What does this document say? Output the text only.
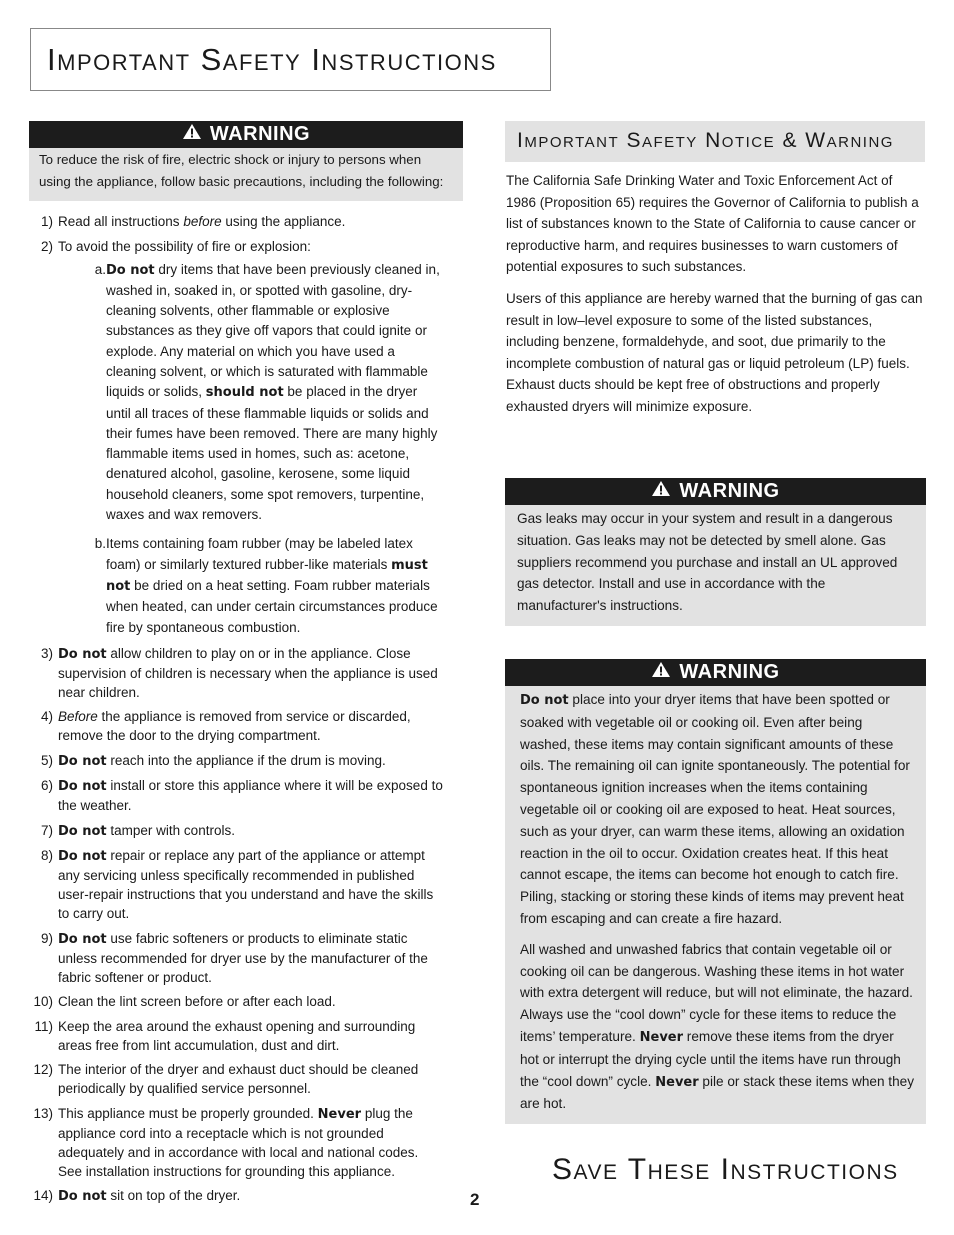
Important Safety Instructions
WARNING
To reduce the risk of fire, electric shock or injury to persons when using the appliance, follow basic precautions, including the following:
1) Read all instructions before using the appliance.
2) To avoid the possibility of fire or explosion:
a. Do not dry items that have been previously cleaned in, washed in, soaked in, or spotted with gasoline, dry-cleaning solvents, other flammable or explosive substances as they give off vapors that could ignite or explode. Any material on which you have used a cleaning solvent, or which is saturated with flammable liquids or solids, should not be placed in the dryer until all traces of these flammable liquids or solids and their fumes have been removed. There are many highly flammable items used in homes, such as: acetone, denatured alcohol, gasoline, kerosene, some liquid household cleaners, some spot removers, turpentine, waxes and wax removers.
b. Items containing foam rubber (may be labeled latex foam) or similarly textured rubber-like materials must not be dried on a heat setting. Foam rubber materials when heated, can under certain circumstances produce fire by spontaneous combustion.
3) Do not allow children to play on or in the appliance. Close supervision of children is necessary when the appliance is used near children.
4) Before the appliance is removed from service or discarded, remove the door to the drying compartment.
5) Do not reach into the appliance if the drum is moving.
6) Do not install or store this appliance where it will be exposed to the weather.
7) Do not tamper with controls.
8) Do not repair or replace any part of the appliance or attempt any servicing unless specifically recommended in published user-repair instructions that you understand and have the skills to carry out.
9) Do not use fabric softeners or products to eliminate static unless recommended for dryer use by the manufacturer of the fabric softener or product.
10) Clean the lint screen before or after each load.
11) Keep the area around the exhaust opening and surrounding areas free from lint accumulation, dust and dirt.
12) The interior of the dryer and exhaust duct should be cleaned periodically by qualified service personnel.
13) This appliance must be properly grounded. Never plug the appliance cord into a receptacle which is not grounded adequately and in accordance with local and national codes. See installation instructions for grounding this appliance.
14) Do not sit on top of the dryer.
Important Safety Notice & Warning
The California Safe Drinking Water and Toxic Enforcement Act of 1986 (Proposition 65) requires the Governor of California to publish a list of substances known to the State of California to cause cancer or reproductive harm, and requires businesses to warn customers of potential exposures to such substances.
Users of this appliance are hereby warned that the burning of gas can result in low–level exposure to some of the listed substances, including benzene, formaldehyde, and soot, due primarily to the incomplete combustion of natural gas or liquid petroleum (LP) fuels. Exhaust ducts should be kept free of obstructions and properly exhausted dryers will minimize exposure.
WARNING
Gas leaks may occur in your system and result in a dangerous situation. Gas leaks may not be detected by smell alone. Gas suppliers recommend you purchase and install an UL approved gas detector. Install and use in accordance with the manufacturer's instructions.
WARNING
Do not place into your dryer items that have been spotted or soaked with vegetable oil or cooking oil. Even after being washed, these items may contain significant amounts of these oils. The remaining oil can ignite spontaneously. The potential for spontaneous ignition increases when the items containing vegetable oil or cooking oil are exposed to heat. Heat sources, such as your dryer, can warm these items, allowing an oxidation reaction in the oil to occur. Oxidation creates heat. If this heat cannot escape, the items can become hot enough to catch fire. Piling, stacking or storing these kinds of items may prevent heat from escaping and can create a fire hazard.
All washed and unwashed fabrics that contain vegetable oil or cooking oil can be dangerous. Washing these items in hot water with extra detergent will reduce, but will not eliminate, the hazard. Always use the “cool down” cycle for these items to reduce the items’ temperature. Never remove these items from the dryer hot or interrupt the drying cycle until the items have run through the “cool down” cycle. Never pile or stack these items when they are hot.
Save These Instructions
2
